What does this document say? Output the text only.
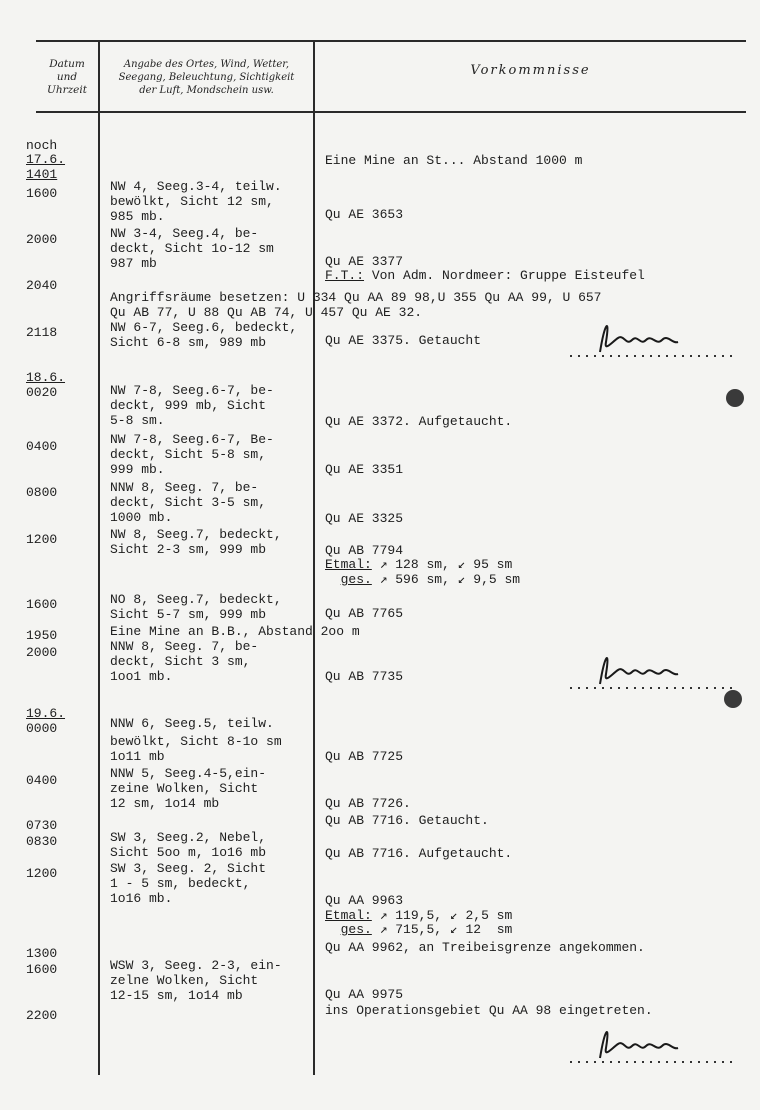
Datum
und
Uhrzeit
Angabe des Ortes, Wind, Wetter,
Seegang, Beleuchtung, Sichtigkeit
der Luft, Mondschein usw.
Vorkommnisse
noch
17.6.
1401
1600
2000
2040
2118
18.6.
0020
0400
0800
1200
1600
1950
2000
19.6.
0000
0400
0730
0830
1200
1300
1600
2200
NW 4, Seeg.3-4, teilw.
bewölkt, Sicht 12 sm,
985 mb.
NW 3-4, Seeg.4, be-
deckt, Sicht 1o-12 sm
987 mb
Angriffsräume besetzen: U 334 Qu AA 89 98,U 355 Qu AA 99, U 657
Qu AB 77, U 88 Qu AB 74, U 457 Qu AE 32.
NW 6-7, Seeg.6, bedeckt,
Sicht 6-8 sm, 989 mb
NW 7-8, Seeg.6-7, be-
deckt, 999 mb, Sicht
5-8 sm.
NW 7-8, Seeg.6-7, Be-
deckt, Sicht 5-8 sm,
999 mb.
NNW 8, Seeg. 7, be-
deckt, Sicht 3-5 sm,
1000 mb.
NW 8, Seeg.7, bedeckt,
Sicht 2-3 sm, 999 mb
NO 8, Seeg.7, bedeckt,
Sicht 5-7 sm, 999 mb
Eine Mine an B.B., Abstand 2oo m
NNW 8, Seeg. 7, be-
deckt, Sicht 3 sm,
1oo1 mb.
NNW 6, Seeg.5, teilw.
bewölkt, Sicht 8-1o sm
1o11 mb
NNW 5, Seeg.4-5,ein-
zeine Wolken, Sicht
12 sm, 1o14 mb
SW 3, Seeg.2, Nebel,
Sicht 5oo m, 1o16 mb
SW 3, Seeg. 2, Sicht
1 - 5 sm, bedeckt,
1o16 mb.
WSW 3, Seeg. 2-3, ein-
zelne Wolken, Sicht
12-15 sm, 1o14 mb
Eine Mine an St... Abstand 1000 m
Qu AE 3653
Qu AE 3377
F.T.: Von Adm. Nordmeer: Gruppe Eisteufel
Qu AE 3375. Getaucht
Qu AE 3372. Aufgetaucht.
Qu AE 3351
Qu AE 3325
Qu AB 7794
Etmal: ↗ 128 sm, ↙ 95 sm
ges. ↗ 596 sm, ↙ 9,5 sm
Qu AB 7765
Qu AB 7735
Qu AB 7725
Qu AB 7726.
Qu AB 7716. Getaucht.
Qu AB 7716. Aufgetaucht.
Qu AA 9963
Etmal: ↗ 119,5, ↙ 2,5 sm
ges. ↗ 715,5, ↙ 12  sm
Qu AA 9962, an Treibeisgrenze angekommen.
Qu AA 9975
ins Operationsgebiet Qu AA 98 eingetreten.
